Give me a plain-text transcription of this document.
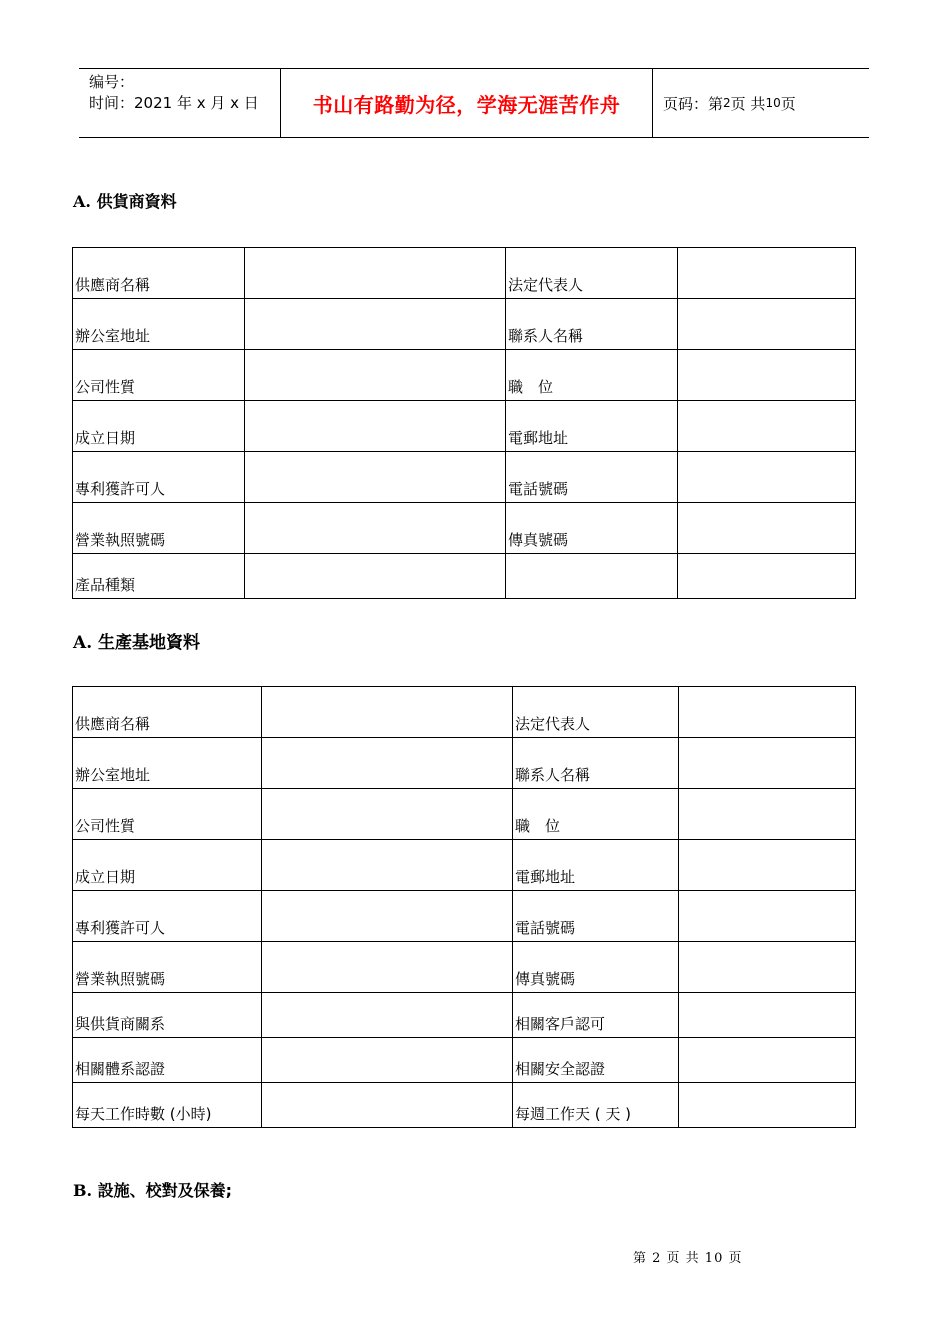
编号：
时间：2021 年 x 月 x 日	书山有路勤为径，学海无涯苦作舟	页码：第 2 页 共 10 页
A. 供貨商資料
供應商名稱		法定代表人	
辦公室地址		聯系人名稱	
公司性質		職　位	
成立日期		電郵地址	
專利獲許可人		電話號碼	
營業執照號碼		傳真號碼	
產品種類			
A. 生產基地資料
供應商名稱		法定代表人	
辦公室地址		聯系人名稱	
公司性質		職　位	
成立日期		電郵地址	
專利獲許可人		電話號碼	
營業執照號碼		傳真號碼	
與供貨商關系		相關客戶認可	
相關體系認證		相關安全認證	
每天工作時數 (小時)		每週工作天 ( 天 )	
B. 設施、校對及保養;
第 2 页 共 10 页
